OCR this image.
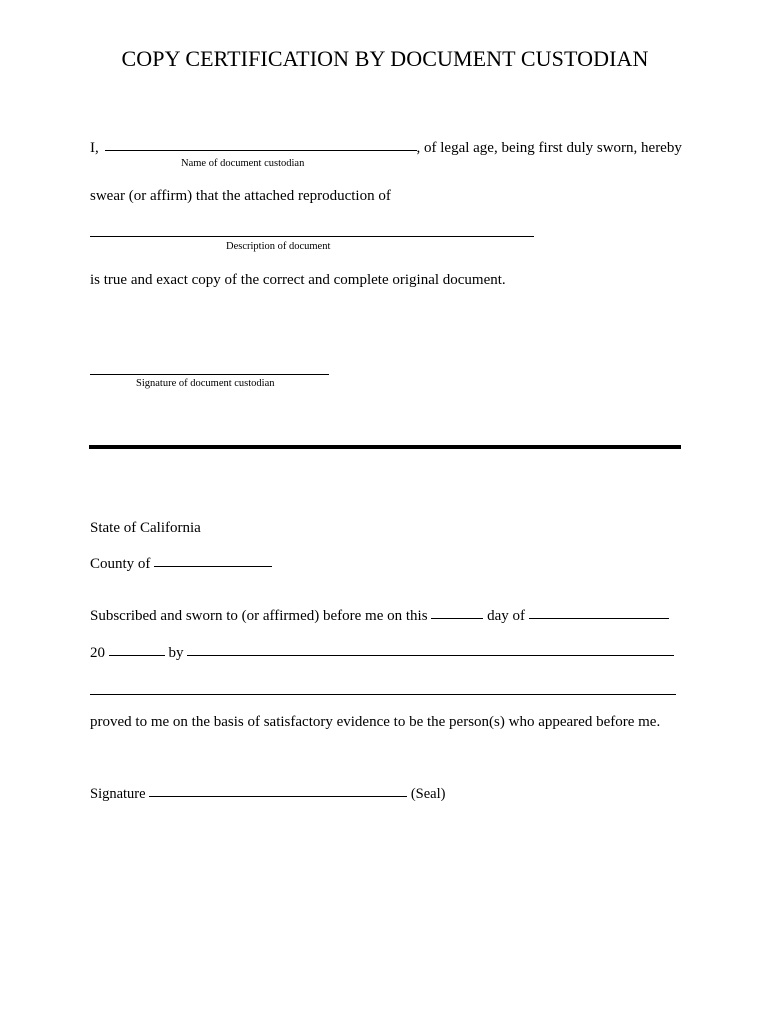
COPY CERTIFICATION BY DOCUMENT CUSTODIAN
I,	, of legal age, being first duly sworn, hereby
Name of document custodian
swear (or affirm) that the attached reproduction of
Description of document
is true and exact copy of the correct and complete original document.
Signature of document custodian
State of California
County of
Subscribed and sworn to (or affirmed) before me on this	day of
20	by
proved to me on the basis of satisfactory evidence to be the person(s) who appeared before me.
Signature	(Seal)
